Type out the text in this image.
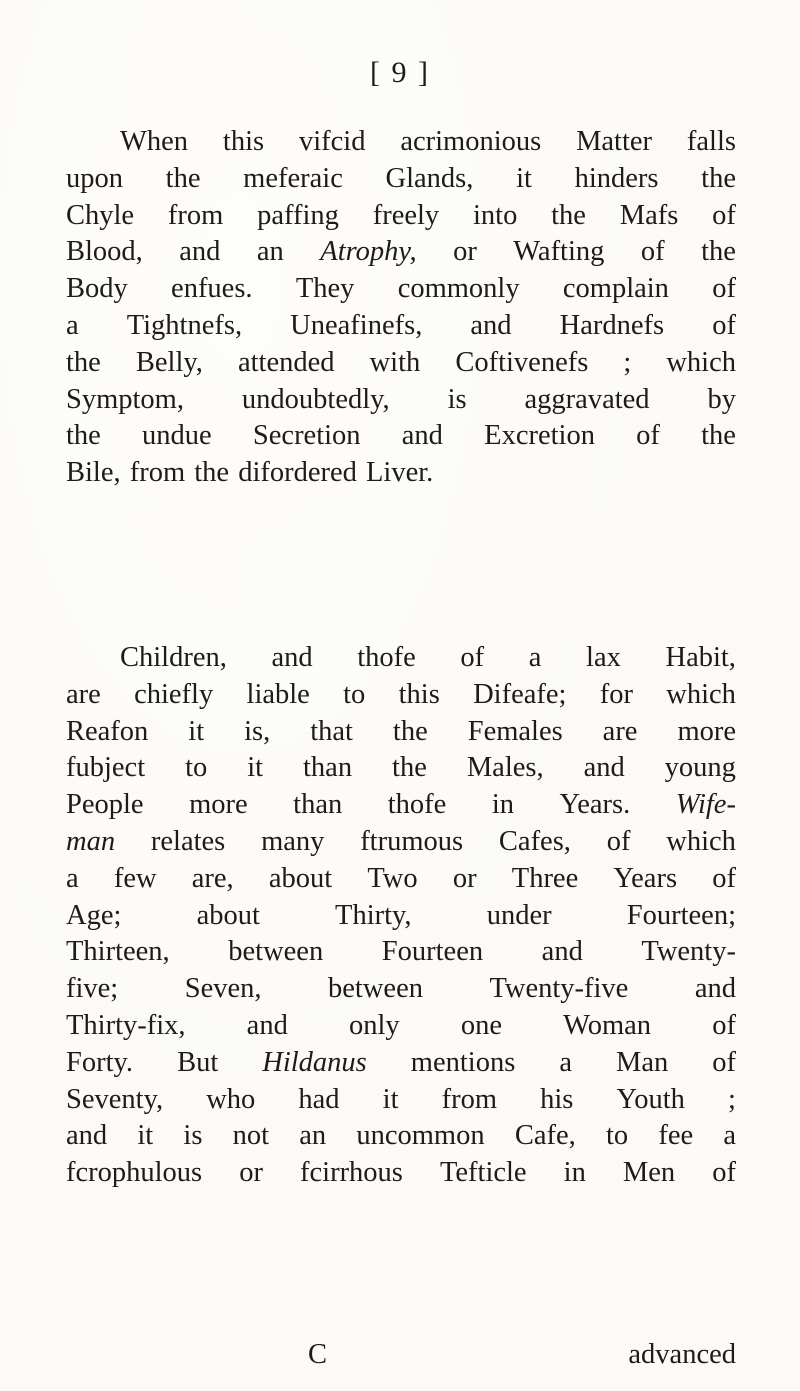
[ 9 ]
When this vifcid acrimonious Matter falls
upon the meferaic Glands, it hinders the
Chyle from paffing freely into the Mafs of
Blood, and an Atrophy, or Wafting of the
Body enfues. They commonly complain of
a Tightnefs, Uneafinefs, and Hardnefs of
the Belly, attended with Coftivenefs ; which
Symptom, undoubtedly, is aggravated by
the undue Secretion and Excretion of the
Bile, from the difordered Liver.
Children, and thofe of a lax Habit,
are chiefly liable to this Difeafe; for which
Reafon it is, that the Females are more
fubject to it than the Males, and young
People more than thofe in Years. Wife-
man relates many ftrumous Cafes, of which
a few are, about Two or Three Years of
Age;	about	Thirty,	under	Fourteen;
Thirteen, between Fourteen and Twenty-
five; Seven, between Twenty-five and
Thirty-fix, and only one Woman of
Forty. But Hildanus mentions a Man of
Seventy, who had it from his Youth ;
and it is not an uncommon Cafe, to fee a
fcrophulous or fcirrhous Tefticle in Men of
C	advanced
